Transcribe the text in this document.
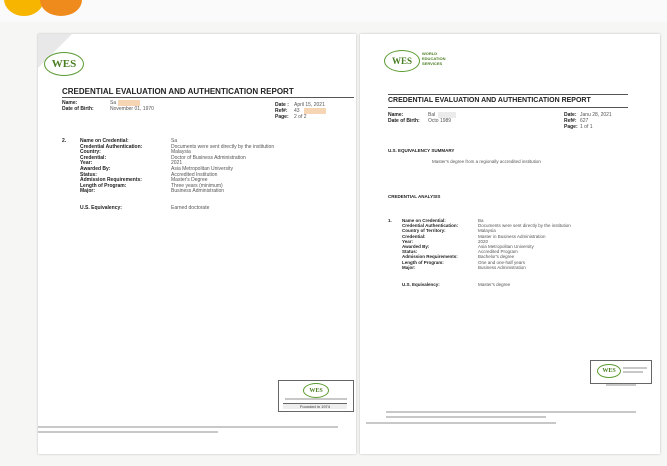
WES
CREDENTIAL EVALUATION AND AUTHENTICATION REPORT
Name:	Sa
Date of Birth:	November 01, 1970
Date : April 15, 2021
Ref#: 43
Page: 2 of 2
2.	Name on Credential:	Sa
Credential Authentication:	Documents were sent directly by the institution
Country:	Malaysia
Credential:	Doctor of Business Administration
Year:	2021
Awarded By:	Asia Metropolitan University
Status:	Accredited Institution
Admission Requirements:	Master's Degree
Length of Program:	Three years (minimum)
Major:	Business Administration
U.S. Equivalency:	Earned doctorate
WES
Founded in 1974
WES
WORLD
EDUCATION
SERVICES
CREDENTIAL EVALUATION AND AUTHENTICATION REPORT
Name:	Bal
Date of Birth: Octo 1989
Date: Janu 28, 2021
Ref#: 627
Page: 1 of 1
U.S. EQUIVALENCY SUMMARY
Master's degree from a regionally accredited institution
CREDENTIAL ANALYSIS
1. Name on Credential:	Ba
Credential Authentication:	Documents were sent directly by the institution
Country of Territory:	Malaysia
Credential:	Master in Business Administration
Year:	2020
Awarded By:	Asia Metropolitan University
Status:	Accredited Program
Admission Requirements:	Bachelor's degree
Length of Program:	One and one-half years
Major:	Business Administration
U.S. Equivalency:	Master's degree
WES
